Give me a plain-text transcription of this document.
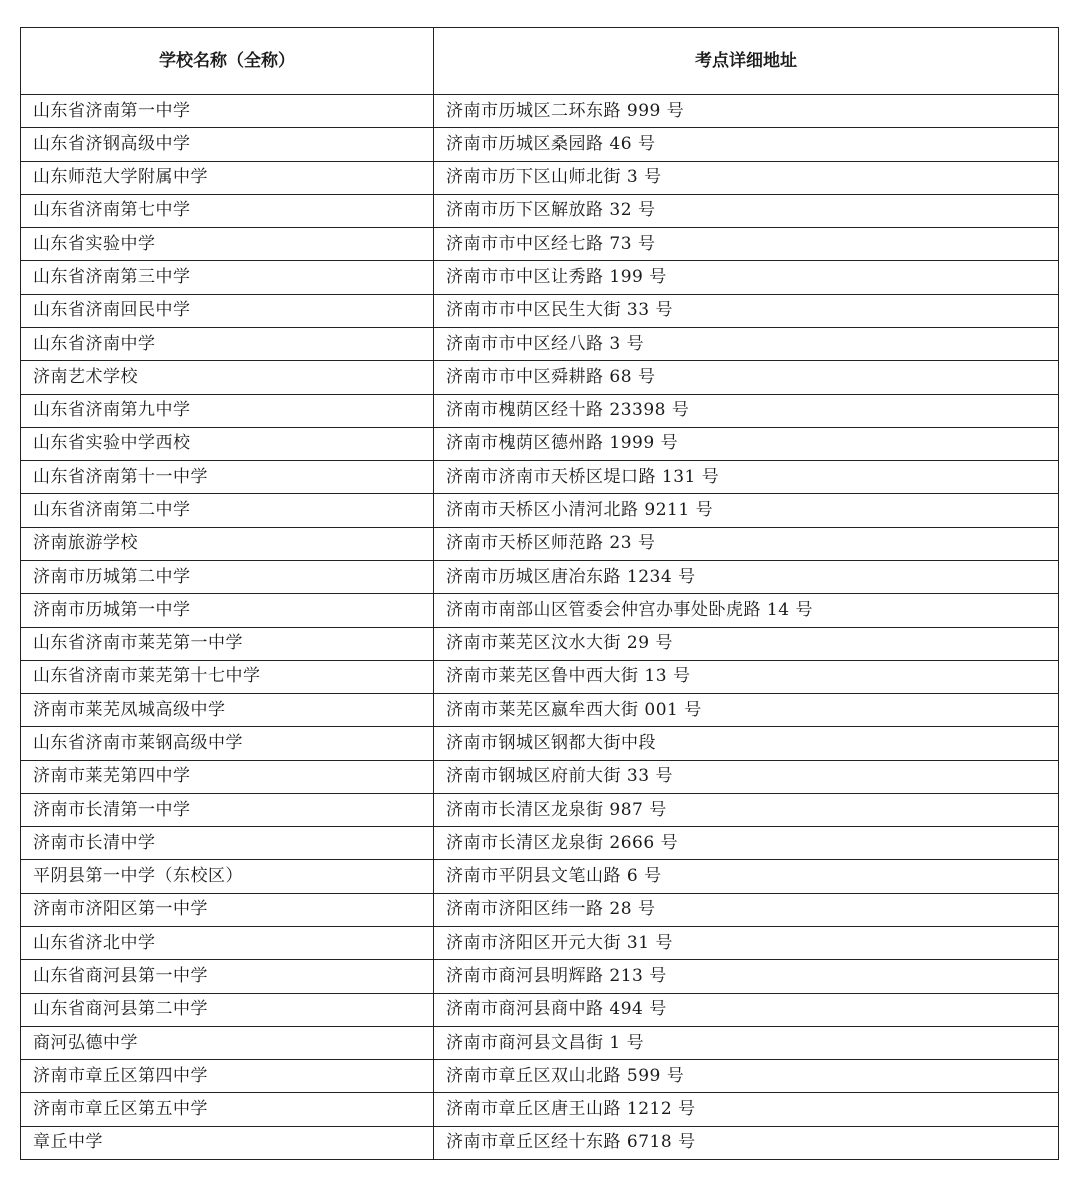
学校名称（全称）	考点详细地址
山东省济南第一中学	济南市历城区二环东路 999 号
山东省济钢高级中学	济南市历城区桑园路 46 号
山东师范大学附属中学	济南市历下区山师北街 3 号
山东省济南第七中学	济南市历下区解放路 32 号
山东省实验中学	济南市市中区经七路 73 号
山东省济南第三中学	济南市市中区让秀路 199 号
山东省济南回民中学	济南市市中区民生大街 33 号
山东省济南中学	济南市市中区经八路 3 号
济南艺术学校	济南市市中区舜耕路 68 号
山东省济南第九中学	济南市槐荫区经十路 23398 号
山东省实验中学西校	济南市槐荫区德州路 1999 号
山东省济南第十一中学	济南市济南市天桥区堤口路 131 号
山东省济南第二中学	济南市天桥区小清河北路 9211 号
济南旅游学校	济南市天桥区师范路 23 号
济南市历城第二中学	济南市历城区唐冶东路 1234 号
济南市历城第一中学	济南市南部山区管委会仲宫办事处卧虎路 14 号
山东省济南市莱芜第一中学	济南市莱芜区汶水大街 29 号
山东省济南市莱芜第十七中学	济南市莱芜区鲁中西大街 13 号
济南市莱芜凤城高级中学	济南市莱芜区嬴牟西大街 001 号
山东省济南市莱钢高级中学	济南市钢城区钢都大街中段
济南市莱芜第四中学	济南市钢城区府前大街 33 号
济南市长清第一中学	济南市长清区龙泉街 987 号
济南市长清中学	济南市长清区龙泉街 2666 号
平阴县第一中学（东校区）	济南市平阴县文笔山路 6 号
济南市济阳区第一中学	济南市济阳区纬一路 28 号
山东省济北中学	济南市济阳区开元大街 31 号
山东省商河县第一中学	济南市商河县明辉路 213 号
山东省商河县第二中学	济南市商河县商中路 494 号
商河弘德中学	济南市商河县文昌街 1 号
济南市章丘区第四中学	济南市章丘区双山北路 599 号
济南市章丘区第五中学	济南市章丘区唐王山路 1212 号
章丘中学	济南市章丘区经十东路 6718 号
